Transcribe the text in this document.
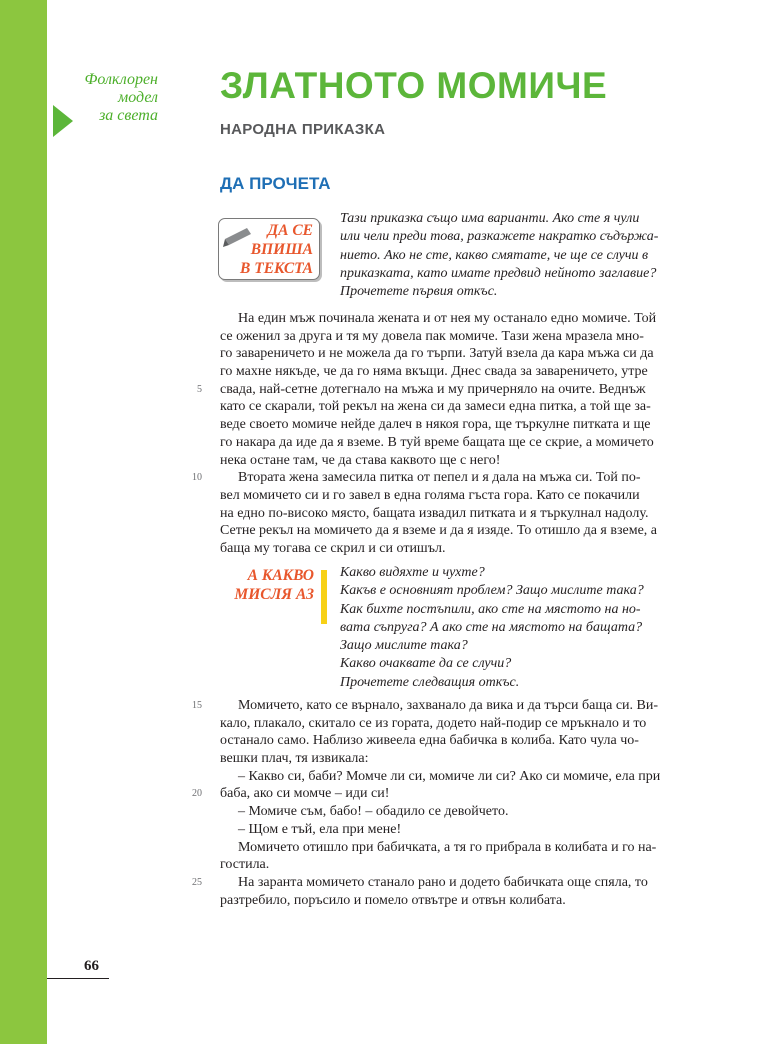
Фолклорен
модел
за света
ЗЛАТНОТО МОМИЧЕ
НАРОДНА ПРИКАЗКА
ДА ПРОЧЕТА
ДА СЕ
ВПИША
В ТЕКСТА
Тази приказка също има варианти. Ако сте я чули
или чели преди това, разкажете накратко съдържа-
нието. Ако не сте, какво смятате, че ще се случи в
приказката, като имате предвид нейното заглавие?
Прочетете първия откъс.
На един мъж починала жената и от нея му останало едно момиче. Той
се оженил за друга и тя му довела пак момиче. Тази жена мразела мно-
го завареничето и не можела да го търпи. Затуй взела да кара мъжа си да
го махне някъде, че да го няма вкъщи. Днес свада за завареничето, утре
свада, най-сетне дотегнало на мъжа и му причерняло на очите. Веднъж
5
като се скарали, той рекъл на жена си да замеси една питка, а той ще за-
веде своето момиче нейде далеч в някоя гора, ще търкулне питката и ще
го накара да иде да я вземе. В туй време бащата ще се скрие, а момичето
нека остане там, че да става каквото ще с него!
Втората жена замесила питка от пепел и я дала на мъжа си. Той по-
10
вел момичето си и го завел в една голяма гъста гора. Като се покачили
на едно по-високо място, бащата извадил питката и я търкулнал надолу.
Сетне рекъл на момичето да я вземе и да я изяде. То отишло да я вземе, а
баща му тогава се скрил и си отишъл.
А КАКВО
МИСЛЯ АЗ
Какво видяхте и чухте?
Какъв е основният проблем? Защо мислите така?
Как бихте постъпили, ако сте на мястото на но-
вата съпруга? А ако сте на мястото на бащата?
Защо мислите така?
Какво очаквате да се случи?
Прочетете следващия откъс.
Момичето, като се върнало, захванало да вика и да търси баща си. Ви-
15
кало, плакало, скитало се из гората, додето най-подир се мръкнало и то
останало само. Наблизо живеела една бабичка в колиба. Като чула чо-
вешки плач, тя извикала:
– Какво си, баби? Момче ли си, момиче ли си? Ако си момиче, ела при
баба, ако си момче – иди си!
20
– Момиче съм, бабо! – обадило се девойчето.
– Щом е тъй, ела при мене!
Момичето отишло при бабичката, а тя го прибрала в колибата и го на-
гостила.
На заранта момичето станало рано и додето бабичката още спяла, то
25
разтребило, поръсило и помело отвътре и отвън колибата.
66
